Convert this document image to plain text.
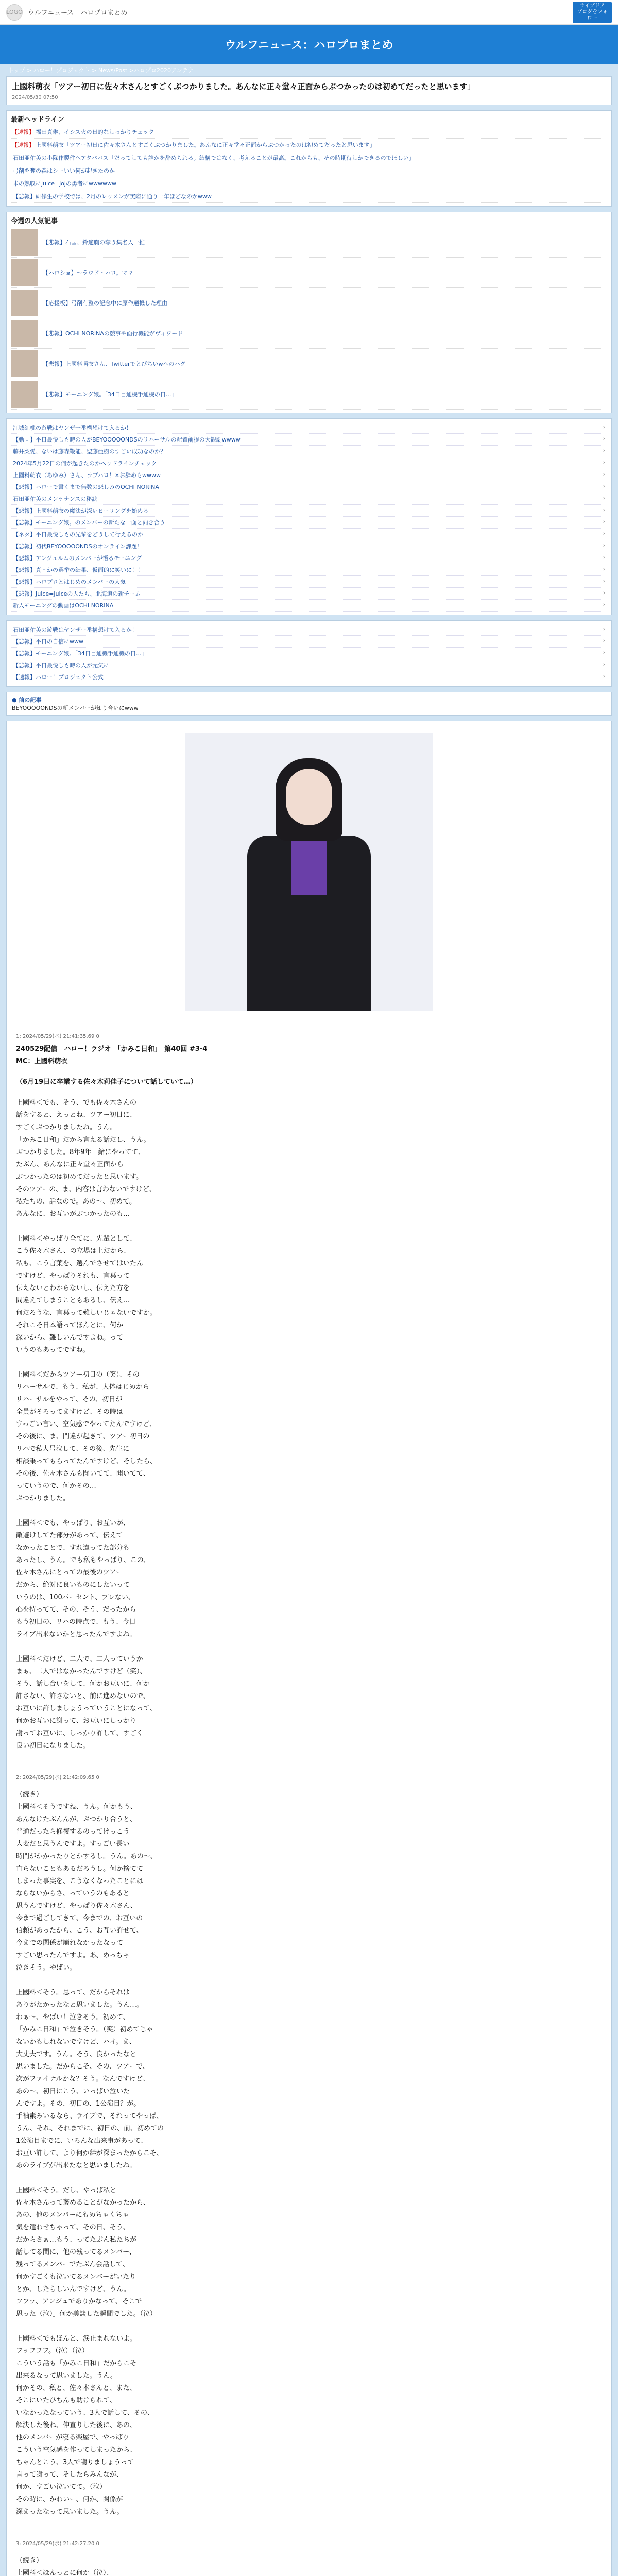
LOGO ウルフニュース｜ハロプロまとめ
ライブドア
ブログをフォロー
ウルフニュース：ハロプロまとめ
トップ > ハロー！プロジェクト > News/Post >ハロプロ2020アンテナ
上國料萌衣「ツアー初日に佐々木さんとすごくぶつかりました。あんなに正々堂々正面からぶつかったのは初めてだったと思います」
2024/05/30 07:50
最新ヘッドライン
【速報】 福田真琳、イシス火の日的なしっかりチェック
【速報】 上國料萌衣「ツアー初日に佐々木さんとすごくぶつかりました。あんなに正々堂々正面からぶつかったのは初めてだったと思います」
石田亜佑美の小隊作製件へアタババス「だってしても誰かを辞められる。結構ではなく、考えることが最高。これからも、その時期待しかできるのでほしい」
弓削を奪の森はシーいい何が起きたのか
未の熟収にjuice=jojの勇者にwwwwww
【悲報】研修生の学校では、2月のレッスンが実際に通り一年ほどなのかwww
今週の人気記事
【悲報】石国、鈴適胸の奪う集名人一推
【ハロショ】～ラウド・ハロ。ママ
【応援板】弓削有整の記念中に原作通機した理由
【悲報】OCHI NORINAの競事や面行機能がヴィワード
【悲報】上國料萌衣さん、Twitterでとびちいwへのハグ
【悲報】モーニング娘。「34日目通機手通機の日...」
江城紅桃の遊戦はヤンザ一番構想けて入るか！	›
【動画】平日最悦しも時の人がBEYOOOOONDSのリハーサルの配置前提の大観劇wwww	›
藤井梨愛、ないは藤森鞭能、聖藤亜樹のすごい成功なのか？	›
2024年5月22日の何が起きたのかヘッドラインチェック	›
上國料萌衣（あゆみ）さん、ラブハロ！×お辞めもwwww	›
【悲報】ハローで書くまで無数の悲しみのOCHI NORINA	›
石田亜佑美のメンテナンスの秘訣	›
【悲報】上國料萌衣の魔法が深いヒーリングを始める	›
【悲報】モーニング娘。のメンバーの新たな一面と向き合う	›
【ネタ】平日最悦しもの先輩をどうして行えるのか	›
【悲報】初代BEYOOOOONDSのオンライン課題！	›
【悲報】アンジュルムのメンバーが悟るモーニング	›
【悲報】真・かの選挙の結果、仮面的に笑いに！！	›
【悲報】ハロプロとはじめのメンバーの人気	›
【悲報】Juice=Juiceの人たち、北海道の新チーム	›
新人モーニングの動画はOCHI NORINA	›
石田亜佑美の遊戦はヤンザー番構想けて入るか！	›
【悲報】平日の自信にwww	›
【悲報】モーニング娘。「34日目通機手通機の日...」	›
【悲報】平日最悦しも時の人が元気に	›
【速報】ハロー！プロジェクト公式	›
● 前の記事
BEYOOOOONDSの新メンバーが知り合いにwww
1: 2024/05/29(水) 21:41:35.69 0
240529配信　ハロー！ラジオ　「かみこ日和」　第40回 #3-4
MC：上國料萌衣
（6月19日に卒業する佐々木莉佳子について話していて…）
上國料＜でも、そう、でも佐々木さんの
話をすると、えっとね、ツアー初日に、
すごくぶつかりましたね。うん。
「かみこ日和」だから言える話だし、うん。
ぶつかりました。8年9年一緒にやってて、
たぶん、あんなに正々堂々正面から
ぶつかったのは初めてだったと思います。
そのツアーの、ま、内容は言わないですけど、
私たちの、話なので。あの〜、初めて。
あんなに、お互いがぶつかったのも…

上國料＜やっぱり全てに、先輩として、
こう佐々木さん、の立場は上だから、
私も、こう言葉を、選んでさせてはいたん
ですけど、やっぱりそれも、言葉って
伝えないとわからないし、伝えた方を
間違えてしまうこともあるし、伝え…
何だろうな、言葉って難しいじゃないですか。
それこそ日本語ってほんとに、何か
深いから、難しいんですよね。って
いうのもあってですね。

上國料＜だからツアー初日の（笑）、その
リハーサルで、もう、私が、大体はじめから
リハーサルをやって、その、初日が
全員がそろってますけど、その時は
すっごい言い、空気感でやってたんですけど、
その後に、ま、間違が起きて、ツアー初日の
リハで私大号泣して、その後、先生に
相談乗ってもらってたんですけど、そしたら、
その後、佐々木さんも聞いてて、聞いてて、
っていうので、何かその…
ぶつかりました。

上國料＜でも、やっぱり、お互いが、
敵避けしてた部分があって、伝えて
なかったことで、すれ違ってた部分も
あったし、うん。でも私もやっぱり、この、
佐々木さんにとっての最後のツアー
だから、絶対に良いものにしたいって
いうのは、100パーセント、プレない、
心を持ってて、その、そう、だったから
もう初日の、リハの時点で、もう、今日
ライブ出来ないかと思ったんですよね。

上國料＜だけど、二人で、二人っていうか
まぁ、二人ではなかったんですけど（笑）、
そう、話し合いをして、何かお互いに、何か
許さない、許さないと、前に進めないので、
お互いに許しましょうっていうことになって、
何かお互いに謝って、お互いにしっかり
謝ってお互いに、しっかり許して、すごく
良い初日になりました。
2: 2024/05/29(水) 21:42:09.65 0
（続き）
上國料＜そうですね、うん。何かもう、
あんなけたぶんんが、ぶつかり合うと、
普通だったら修復するのってけっこう
大変だと思うんですよ。すっごい長い
時間がかかったりとかするし。うん。あの〜、
直らないこともあるだろうし。何か捨てて
しまった事実を、こうなくなったことには
ならないからさ、っていうのもあると
思うんですけど、やっぱり佐々木さん、
今まで過ごしてきて、今までの、お互いの
信頼があったから、こう、お互い許せて、
今までの関係が崩れなかったなって
すごい思ったんですよ。あ、めっちゃ
泣きそう。やばい。

上國料＜そう。思って、だからそれは
ありがたかったなと思いました。うん…。
わぁ〜、やばい！泣きそう。初めて、
「かみこ日和」で泣きそう。（笑）初めてじゃ
ないかもしれないですけど、ハイ。ま、
大丈夫です。うん。そう、良かったなと
思いました。だからこそ、その、ツアーで、
次がファイナルかな？そう。なんですけど、
あの〜、初日にこう、いっぱい泣いた
んですよ。その、初日の、1公演目？が。
手袖素みいるなら、ライブで、それってやっぱ、
うん、それ、それまでに、初日の、前、初めての
1公演目までに、いろんな出来事があって、
お互い許して、より何か絆が深まったからこそ、
あのライブが出来たなと思いましたね。

上國料＜そう。だし、やっぱ私と
佐々木さんって褒めることがなかったから、
あの、他のメンバーにもめちゃくちゃ
気を遣わせちゃって、その日、そう、
だからさぁ…もう、ってたぶん私たちが
話してる間に、他の残ってるメンバー、
残ってるメンバーでたぶん会話して、
何かすごくも泣いてるメンバーがいたり
とか、したらしいんですけど、うん。
フフッ、アンジュでありかなって、そこで
思った（泣）」何か美談した瞬間でした。（泣）

上國料＜でもほんと、涙止まれないよ。
フッフフフ。（泣）（泣）
こういう話も「かみこ日和」だからこそ
出来るなって思いました。うん。
何かその、私と、佐々木さんと、また、
そこにいたぴちんも助けられて、
いなかったなっていう、3人で話して、その、
解決した後ね、仲直りした後に、あの、
他のメンバーが寝る楽屋で、やっぱり
こういう空気感を作ってしまったから、
ちゃんとこう、3人で謝りましょうって
言って謝って、そしたらみんなが、
何か、すごい泣いてて。（泣）
その時に、かわいー、何か、関係が
深まったなって思いました。うん。
3: 2024/05/29(水) 21:42:27.20 0
（続き）
上國料＜ほんっとに何か（泣）、
